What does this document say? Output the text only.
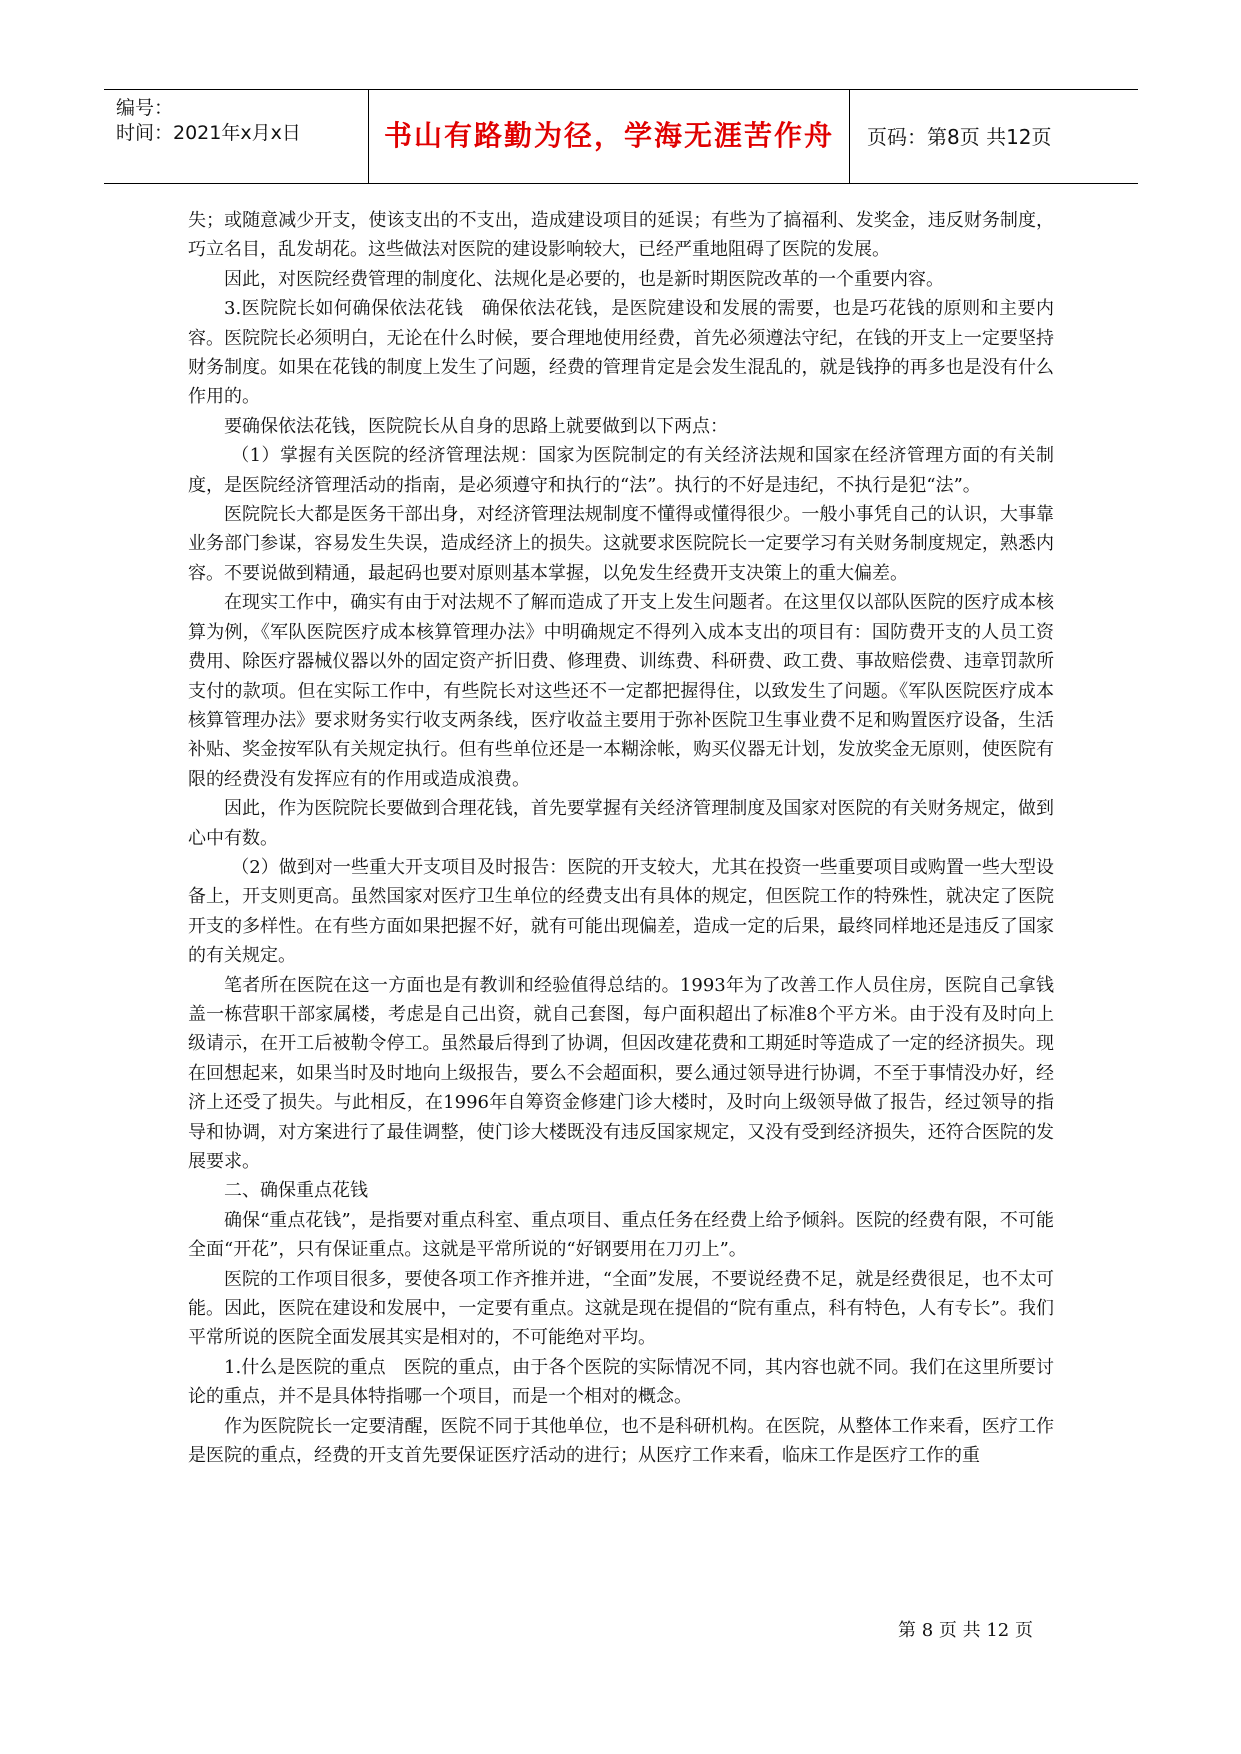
编号：
时间：2021年x月x日	书山有路勤为径，学海无涯苦作舟	页码：第8页 共12页

失；或随意减少开支，使该支出的不支出，造成建设项目的延误；有些为了搞福利、发奖金，违反财务制度，巧立名目，乱发胡花。这些做法对医院的建设影响较大，已经严重地阻碍了医院的发展。

因此，对医院经费管理的制度化、法规化是必要的，也是新时期医院改革的一个重要内容。

3.医院院长如何确保依法花钱　确保依法花钱，是医院建设和发展的需要，也是巧花钱的原则和主要内容。医院院长必须明白，无论在什么时候，要合理地使用经费，首先必须遵法守纪，在钱的开支上一定要坚持财务制度。如果在花钱的制度上发生了问题，经费的管理肯定是会发生混乱的，就是钱挣的再多也是没有什么作用的。

要确保依法花钱，医院院长从自身的思路上就要做到以下两点：

（1）掌握有关医院的经济管理法规：国家为医院制定的有关经济法规和国家在经济管理方面的有关制度，是医院经济管理活动的指南，是必须遵守和执行的“法”。执行的不好是违纪，不执行是犯“法”。

医院院长大都是医务干部出身，对经济管理法规制度不懂得或懂得很少。一般小事凭自己的认识，大事靠业务部门参谋，容易发生失误，造成经济上的损失。这就要求医院院长一定要学习有关财务制度规定，熟悉内容。不要说做到精通，最起码也要对原则基本掌握，以免发生经费开支决策上的重大偏差。

在现实工作中，确实有由于对法规不了解而造成了开支上发生问题者。在这里仅以部队医院的医疗成本核算为例，《军队医院医疗成本核算管理办法》中明确规定不得列入成本支出的项目有：国防费开支的人员工资费用、除医疗器械仪器以外的固定资产折旧费、修理费、训练费、科研费、政工费、事故赔偿费、违章罚款所支付的款项。但在实际工作中，有些院长对这些还不一定都把握得住，以致发生了问题。《军队医院医疗成本核算管理办法》要求财务实行收支两条线，医疗收益主要用于弥补医院卫生事业费不足和购置医疗设备，生活补贴、奖金按军队有关规定执行。但有些单位还是一本糊涂帐，购买仪器无计划，发放奖金无原则，使医院有限的经费没有发挥应有的作用或造成浪费。

因此，作为医院院长要做到合理花钱，首先要掌握有关经济管理制度及国家对医院的有关财务规定，做到心中有数。

（2）做到对一些重大开支项目及时报告：医院的开支较大，尤其在投资一些重要项目或购置一些大型设备上，开支则更高。虽然国家对医疗卫生单位的经费支出有具体的规定，但医院工作的特殊性，就决定了医院开支的多样性。在有些方面如果把握不好，就有可能出现偏差，造成一定的后果，最终同样地还是违反了国家的有关规定。

笔者所在医院在这一方面也是有教训和经验值得总结的。1993年为了改善工作人员住房，医院自己拿钱盖一栋营职干部家属楼，考虑是自己出资，就自己套图，每户面积超出了标准8个平方米。由于没有及时向上级请示，在开工后被勒令停工。虽然最后得到了协调，但因改建花费和工期延时等造成了一定的经济损失。现在回想起来，如果当时及时地向上级报告，要么不会超面积，要么通过领导进行协调，不至于事情没办好，经济上还受了损失。与此相反，在1996年自筹资金修建门诊大楼时，及时向上级领导做了报告，经过领导的指导和协调，对方案进行了最佳调整，使门诊大楼既没有违反国家规定，又没有受到经济损失，还符合医院的发展要求。

二、确保重点花钱

确保“重点花钱”，是指要对重点科室、重点项目、重点任务在经费上给予倾斜。医院的经费有限，不可能全面“开花”，只有保证重点。这就是平常所说的“好钢要用在刀刃上”。

医院的工作项目很多，要使各项工作齐推并进，“全面”发展，不要说经费不足，就是经费很足，也不太可能。因此，医院在建设和发展中，一定要有重点。这就是现在提倡的“院有重点，科有特色，人有专长”。我们平常所说的医院全面发展其实是相对的，不可能绝对平均。

1.什么是医院的重点　医院的重点，由于各个医院的实际情况不同，其内容也就不同。我们在这里所要讨论的重点，并不是具体特指哪一个项目，而是一个相对的概念。

作为医院院长一定要清醒，医院不同于其他单位，也不是科研机构。在医院，从整体工作来看，医疗工作是医院的重点，经费的开支首先要保证医疗活动的进行；从医疗工作来看，临床工作是医疗工作的重

第 8 页 共 12 页
